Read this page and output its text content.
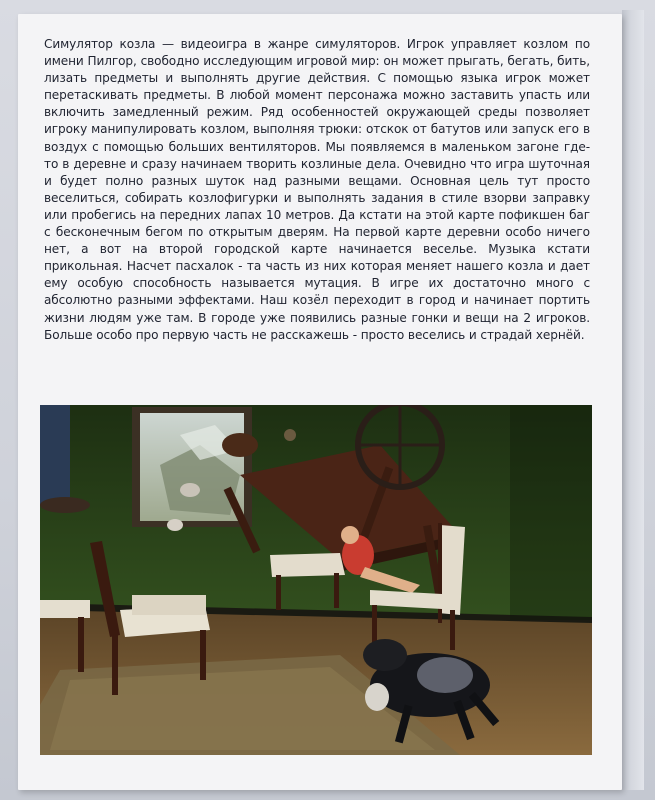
Симулятор козла — видеоигра в жанре симуляторов. Игрок управляет козлом по имени Пилгор, свободно исследующим игровой мир: он может прыгать, бегать, бить, лизать предметы и выполнять другие действия. С помощью языка игрок может перетаскивать предметы. В любой момент персонажа можно заставить упасть или включить замедленный режим. Ряд особенностей окружающей среды позволяет игроку манипулировать козлом, выполняя трюки: отскок от батутов или запуск его в воздух с помощью больших вентиляторов. Мы появляемся в маленьком загоне где-то в деревне и сразу начинаем творить козлиные дела. Очевидно что игра шуточная и будет полно разных шуток над разными вещами. Основная цель тут просто веселиться, собирать козлофигурки и выполнять задания в стиле взорви заправку или пробегись на передних лапах 10 метров. Да кстати на этой карте пофикшен баг с бесконечным бегом по открытым дверям. На первой карте деревни особо ничего нет, а вот на второй городской карте начинается веселье. Музыка кстати прикольная. Насчет пасхалок - та часть из них которая меняет нашего козла и дает ему особую способность называется мутация. В игре их достаточно много с абсолютно разными эффектами. Наш козёл переходит в город и начинает портить жизни людям уже там. В городе уже появились разные гонки и вещи на 2 игроков. Больше особо про первую часть не расскажешь - просто веселись и страдай хернёй.
